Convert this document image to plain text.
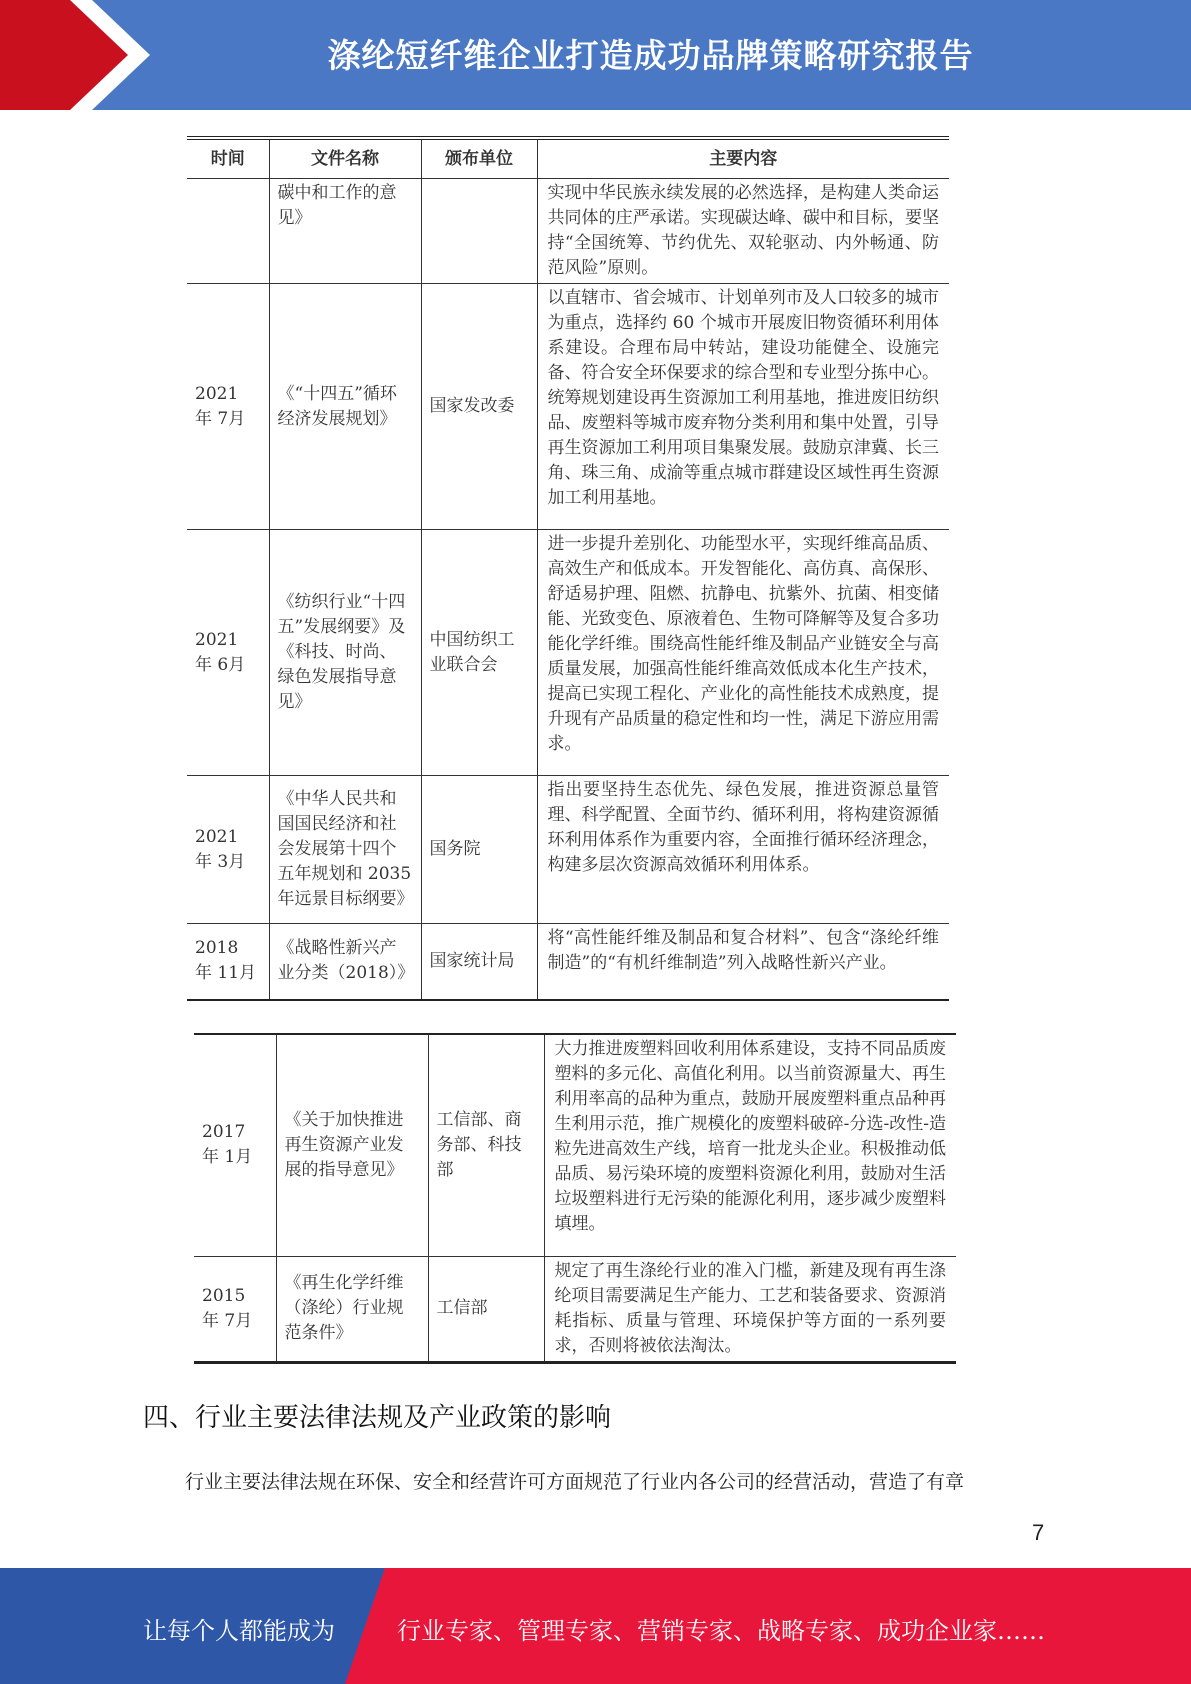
涤纶短纤维企业打造成功品牌策略研究报告
时间	文件名称	颁布单位	主要内容
	碳中和工作的意见》		实现中华民族永续发展的必然选择，是构建人类命运共同体的庄严承诺。实现碳达峰、碳中和目标，要坚持“全国统筹、节约优先、双轮驱动、内外畅通、防范风险”原则。
2021 年 7月	《“十四五”循环经济发展规划》	国家发改委	以直辖市、省会城市、计划单列市及人口较多的城市为重点，选择约 60 个城市开展废旧物资循环利用体系建设。合理布局中转站，建设功能健全、设施完备、符合安全环保要求的综合型和专业型分拣中心。统筹规划建设再生资源加工利用基地，推进废旧纺织品、废塑料等城市废弃物分类利用和集中处置，引导再生资源加工利用项目集聚发展。鼓励京津冀、长三角、珠三角、成渝等重点城市群建设区域性再生资源加工利用基地。
2021 年 6月	《纺织行业“十四五”发展纲要》及《科技、时尚、绿色发展指导意见》	中国纺织工业联合会	进一步提升差别化、功能型水平，实现纤维高品质、高效生产和低成本。开发智能化、高仿真、高保形、舒适易护理、阻燃、抗静电、抗紫外、抗菌、相变储能、光致变色、原液着色、生物可降解等及复合多功能化学纤维。围绕高性能纤维及制品产业链安全与高质量发展，加强高性能纤维高效低成本化生产技术，提高已实现工程化、产业化的高性能技术成熟度，提升现有产品质量的稳定性和均一性，满足下游应用需求。
2021 年 3月	《中华人民共和国国民经济和社会发展第十四个五年规划和 2035 年远景目标纲要》	国务院	指出要坚持生态优先、绿色发展，推进资源总量管理、科学配置、全面节约、循环利用，将构建资源循环利用体系作为重要内容，全面推行循环经济理念，构建多层次资源高效循环利用体系。
2018 年 11月	《战略性新兴产业分类（2018）》	国家统计局	将“高性能纤维及制品和复合材料”、包含“涤纶纤维制造”的“有机纤维制造”列入战略性新兴产业。
2017 年 1月	《关于加快推进再生资源产业发展的指导意见》	工信部、商务部、科技部	大力推进废塑料回收利用体系建设，支持不同品质废塑料的多元化、高值化利用。以当前资源量大、再生利用率高的品种为重点，鼓励开展废塑料重点品种再生利用示范，推广规模化的废塑料破碎-分选-改性-造粒先进高效生产线，培育一批龙头企业。积极推动低品质、易污染环境的废塑料资源化利用，鼓励对生活垃圾塑料进行无污染的能源化利用，逐步减少废塑料填埋。
2015 年 7月	《再生化学纤维（涤纶）行业规范条件》	工信部	规定了再生涤纶行业的准入门槛，新建及现有再生涤纶项目需要满足生产能力、工艺和装备要求、资源消耗指标、质量与管理、环境保护等方面的一系列要求，否则将被依法淘汰。
四、行业主要法律法规及产业政策的影响
行业主要法律法规在环保、安全和经营许可方面规范了行业内各公司的经营活动，营造了有章
7
让每个人都能成为	行业专家、管理专家、营销专家、战略专家、成功企业家……
